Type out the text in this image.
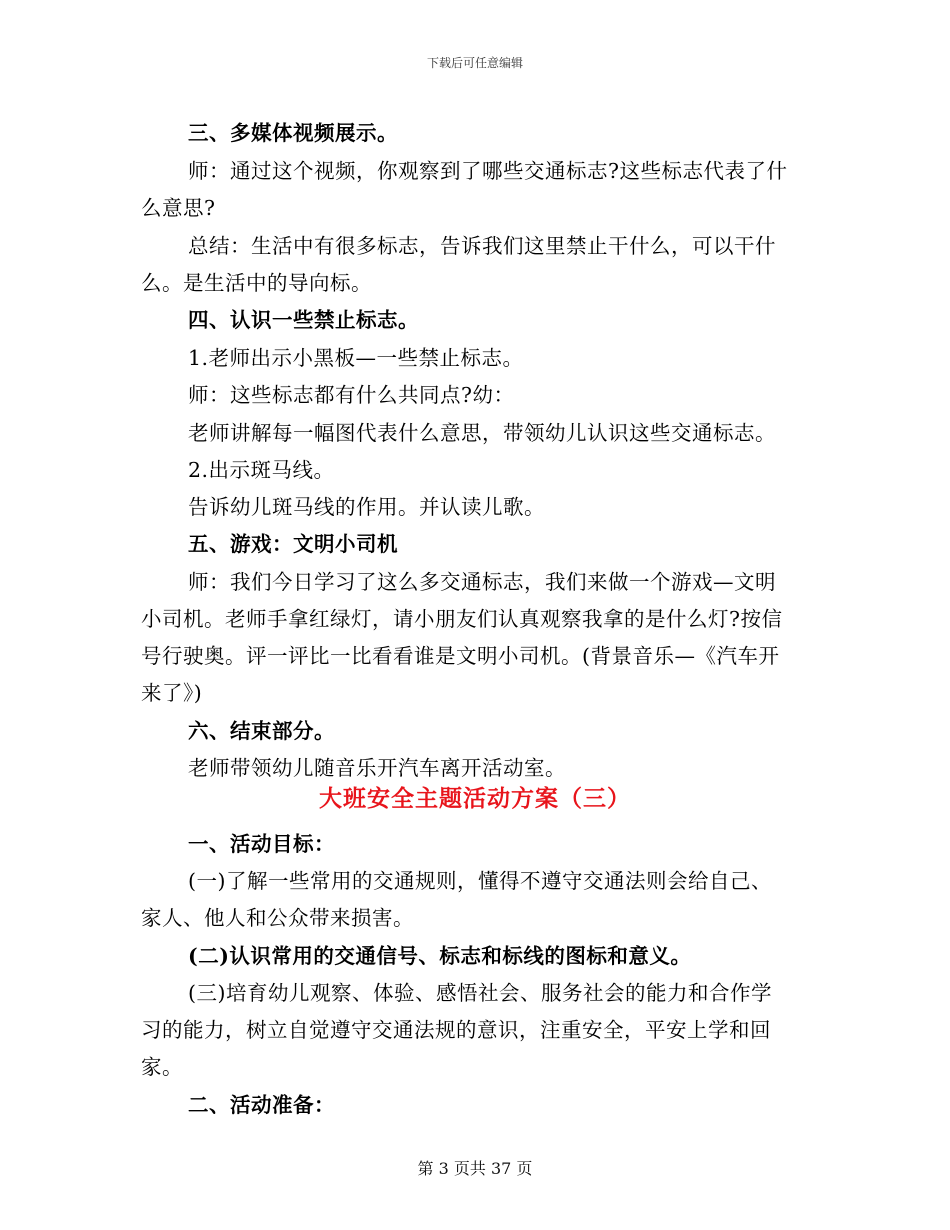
下载后可任意编辑
三、多媒体视频展示。
师：通过这个视频，你观察到了哪些交通标志?这些标志代表了什
么意思?
总结：生活中有很多标志，告诉我们这里禁止干什么，可以干什
么。是生活中的导向标。
四、认识一些禁止标志。
1.老师出示小黑板—一些禁止标志。
师：这些标志都有什么共同点?幼：
老师讲解每一幅图代表什么意思，带领幼儿认识这些交通标志。
2.出示斑马线。
告诉幼儿斑马线的作用。并认读儿歌。
五、游戏：文明小司机
师：我们今日学习了这么多交通标志，我们来做一个游戏—文明
小司机。老师手拿红绿灯，请小朋友们认真观察我拿的是什么灯?按信
号行驶奥。评一评比一比看看谁是文明小司机。(背景音乐—《汽车开
来了》)
六、结束部分。
老师带领幼儿随音乐开汽车离开活动室。
大班安全主题活动方案（三）
一、活动目标：
(一)了解一些常用的交通规则，懂得不遵守交通法则会给自己、
家人、他人和公众带来损害。
(二)认识常用的交通信号、标志和标线的图标和意义。
(三)培育幼儿观察、体验、感悟社会、服务社会的能力和合作学
习的能力，树立自觉遵守交通法规的意识，注重安全，平安上学和回
家。
二、活动准备：
第 3 页共 37 页
